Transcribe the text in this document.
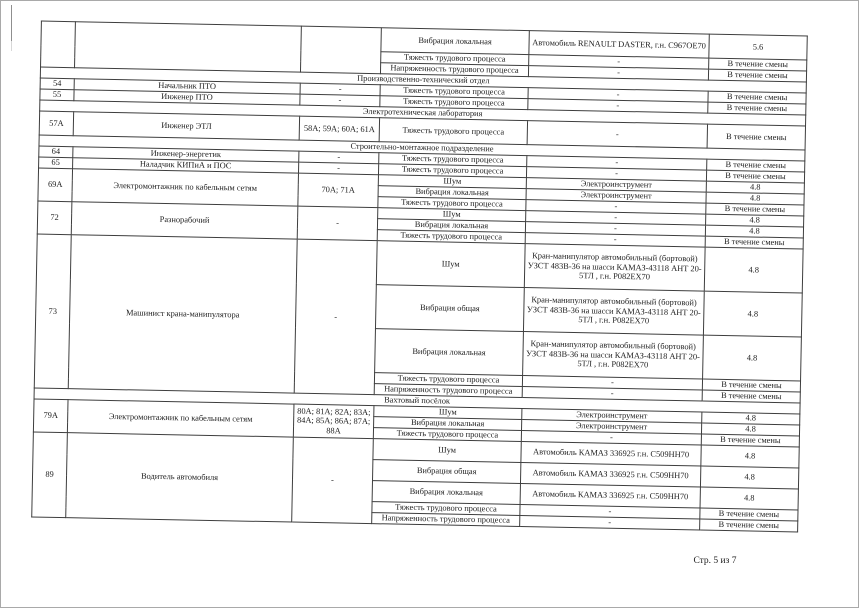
			Вибрация локальная	Автомобиль RENAULT DASTER, г.н. С967ОЕ70	5.6
			Тяжесть трудового процесса	-	В течение смены
			Напряженность трудового процесса	-	В течение смены
Производственно-технический отдел					
54	Начальник ПТО	-	Тяжесть трудового процесса	-	В течение смены
55	Инженер ПТО	-	Тяжесть трудового процесса	-	В течение смены
Электротехническая лаборатория					
57А	Инженер ЭТЛ	58А; 59А; 60А; 61А	Тяжесть трудового процесса	-	В течение смены
Строительно-монтажное подразделение					
64	Инженер-энергетик	-	Тяжесть трудового процесса	-	В течение смены
65	Наладчик КИПиА и ПОС	-	Тяжесть трудового процесса	-	В течение смены
69А	Электромонтажник по кабельным сетям	70А; 71А	Шум	Электроинструмент	4.8
			Вибрация локальная	Электроинструмент	4.8
			Тяжесть трудового процесса	-	В течение смены
72	Разнорабочий	-	Шум	-	4.8
			Вибрация локальная	-	4.8
			Тяжесть трудового процесса	-	В течение смены
73	Машинист крана-манипулятора	-	Шум	Кран-манипулятор автомобильный (бортовой) УЗСТ 483В-36 на шасси КАМАЗ-43118 АНТ 20-5ТЛ , г.н. Р082ЕХ70	4.8
			Вибрация общая	Кран-манипулятор автомобильный (бортовой) УЗСТ 483В-36 на шасси КАМАЗ-43118 АНТ 20-5ТЛ , г.н. Р082ЕХ70	4.8
			Вибрация локальная	Кран-манипулятор автомобильный (бортовой) УЗСТ 483В-36 на шасси КАМАЗ-43118 АНТ 20-5ТЛ , г.н. Р082ЕХ70	4.8
			Тяжесть трудового процесса	-	В течение смены
			Напряженность трудового процесса	-	В течение смены
Вахтовый посёлок					
79А	Электромонтажник по кабельным сетям	80А; 81А; 82А; 83А; 84А; 85А; 86А; 87А; 88А	Шум	Электроинструмент	4.8
			Вибрация локальная	Электроинструмент	4.8
			Тяжесть трудового процесса	-	В течение смены
89	Водитель автомобиля	-	Шум	Автомобиль КАМАЗ 336925 г.н. С509НН70	4.8
			Вибрация общая	Автомобиль КАМАЗ 336925 г.н. С509НН70	4.8
			Вибрация локальная	Автомобиль КАМАЗ 336925 г.н. С509НН70	4.8
			Тяжесть трудового процесса	-	В течение смены
			Напряженность трудового процесса	-	В течение смены
Стр. 5 из 7
